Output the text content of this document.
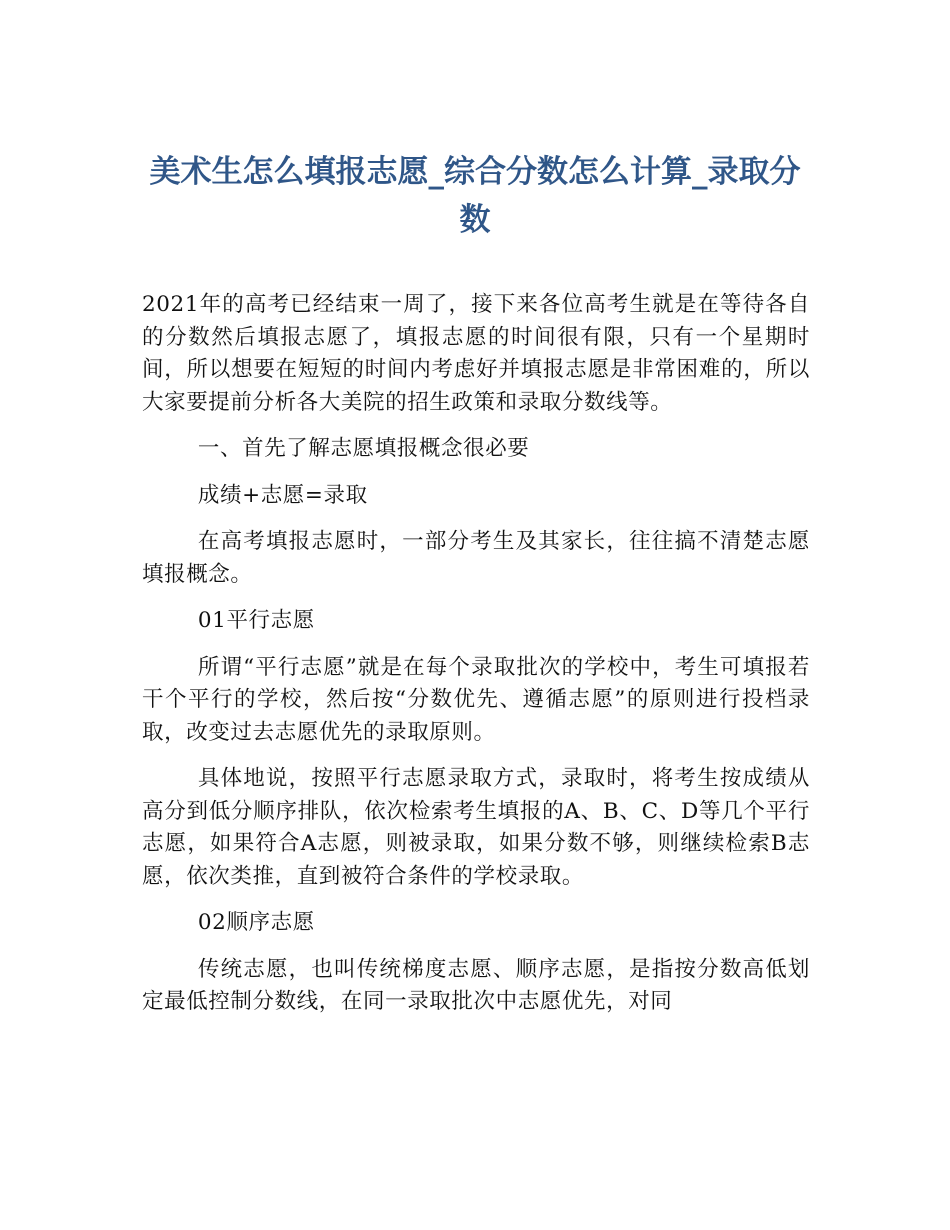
美术生怎么填报志愿_综合分数怎么计算_录取分数

2021年的高考已经结束一周了，接下来各位高考生就是在等待各自的分数然后填报志愿了，填报志愿的时间很有限，只有一个星期时间，所以想要在短短的时间内考虑好并填报志愿是非常困难的，所以大家要提前分析各大美院的招生政策和录取分数线等。

一、首先了解志愿填报概念很必要

成绩+志愿=录取

在高考填报志愿时，一部分考生及其家长，往往搞不清楚志愿填报概念。

01平行志愿

所谓“平行志愿”就是在每个录取批次的学校中，考生可填报若干个平行的学校，然后按“分数优先、遵循志愿”的原则进行投档录取，改变过去志愿优先的录取原则。

具体地说，按照平行志愿录取方式，录取时，将考生按成绩从高分到低分顺序排队，依次检索考生填报的A、B、C、D等几个平行志愿，如果符合A志愿，则被录取，如果分数不够，则继续检索B志愿，依次类推，直到被符合条件的学校录取。

02顺序志愿

传统志愿，也叫传统梯度志愿、顺序志愿，是指按分数高低划定最低控制分数线，在同一录取批次中志愿优先，对同
